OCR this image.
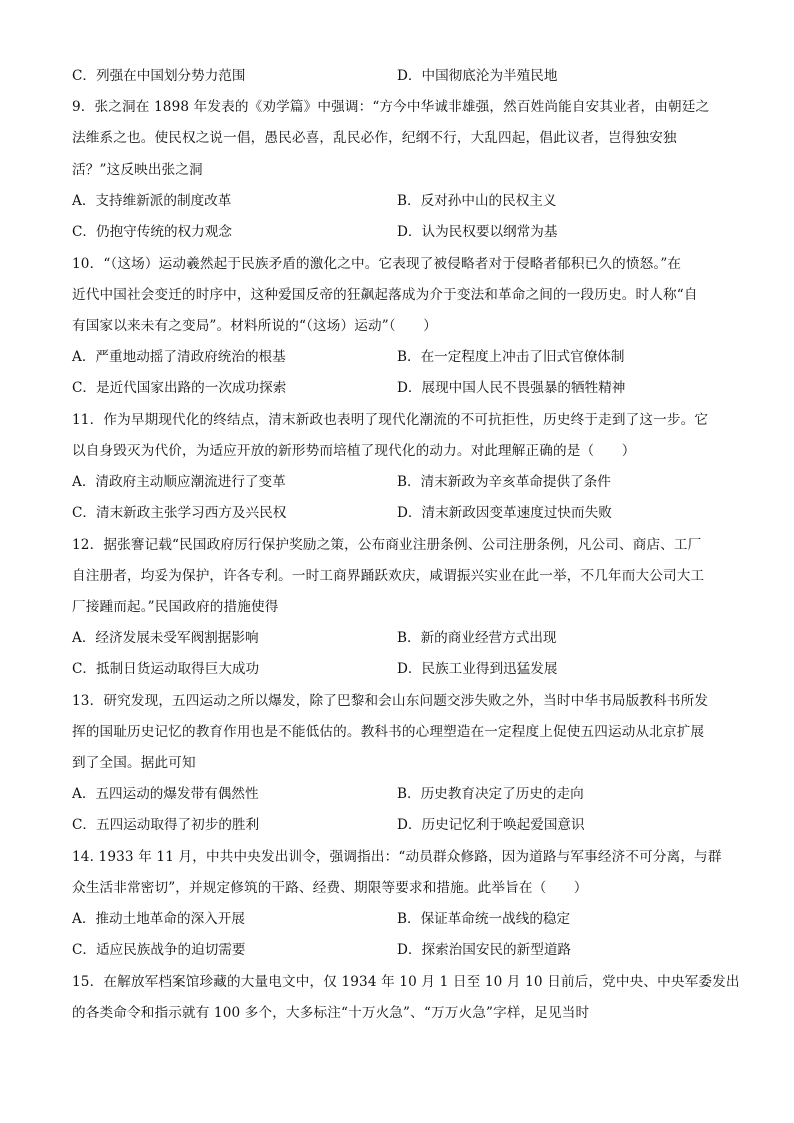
C．列强在中国划分势力范围	D．中国彻底沦为半殖民地
9．张之洞在 1898 年发表的《劝学篇》中强调：“方今中华诚非雄强，然百姓尚能自安其业者，由朝廷之
法维系之也。使民权之说一倡，愚民必喜，乱民必作，纪纲不行，大乱四起，倡此议者，岂得独安独
活？”这反映出张之洞
A．支持维新派的制度改革	B．反对孙中山的民权主义
C．仍抱守传统的权力观念	D．认为民权要以纲常为基
10．“（这场）运动羲然起于民族矛盾的激化之中。它表现了被侵略者对于侵略者郁积已久的愤怒。”在
近代中国社会变迁的时序中，这种爱国反帝的狂飙起落成为介于变法和革命之间的一段历史。时人称“自
有国家以来未有之变局”。材料所说的“（这场）运动”（　　）
A．严重地动摇了清政府统治的根基	B．在一定程度上冲击了旧式官僚体制
C．是近代国家出路的一次成功探索	D．展现中国人民不畏强暴的牺牲精神
11．作为早期现代化的终结点，清末新政也表明了现代化潮流的不可抗拒性，历史终于走到了这一步。它
以自身毁灭为代价，为适应开放的新形势而培植了现代化的动力。对此理解正确的是（　　）
A．清政府主动顺应潮流进行了变革	B．清末新政为辛亥革命提供了条件
C．清末新政主张学习西方及兴民权	D．清末新政因变革速度过快而失败
12．据张謇记载“民国政府厉行保护奖励之策，公布商业注册条例、公司注册条例，凡公司、商店、工厂
自注册者，均妥为保护，许各专利。一时工商界踊跃欢庆，咸谓振兴实业在此一举，不几年而大公司大工
厂接踵而起。”民国政府的措施使得
A．经济发展未受军阀割据影响	B．新的商业经营方式出现
C．抵制日货运动取得巨大成功	D．民族工业得到迅猛发展
13．研究发现，五四运动之所以爆发，除了巴黎和会山东问题交涉失败之外，当时中华书局版教科书所发
挥的国耻历史记忆的教育作用也是不能低估的。教科书的心理塑造在一定程度上促使五四运动从北京扩展
到了全国。据此可知
A．五四运动的爆发带有偶然性	B．历史教育决定了历史的走向
C．五四运动取得了初步的胜利	D．历史记忆利于唤起爱国意识
14. 1933 年 11 月，中共中央发出训令，强调指出：“动员群众修路，因为道路与军事经济不可分离，与群
众生活非常密切”，并规定修筑的干路、经费、期限等要求和措施。此举旨在（　　）
A．推动土地革命的深入开展	B．保证革命统一战线的稳定
C．适应民族战争的迫切需要	D．探索治国安民的新型道路
15．在解放军档案馆珍藏的大量电文中，仅 1934 年 10 月 1 日至 10 月 10 日前后，党中央、中央军委发出
的各类命令和指示就有 100 多个，大多标注“十万火急”、“万万火急”字样，足见当时
